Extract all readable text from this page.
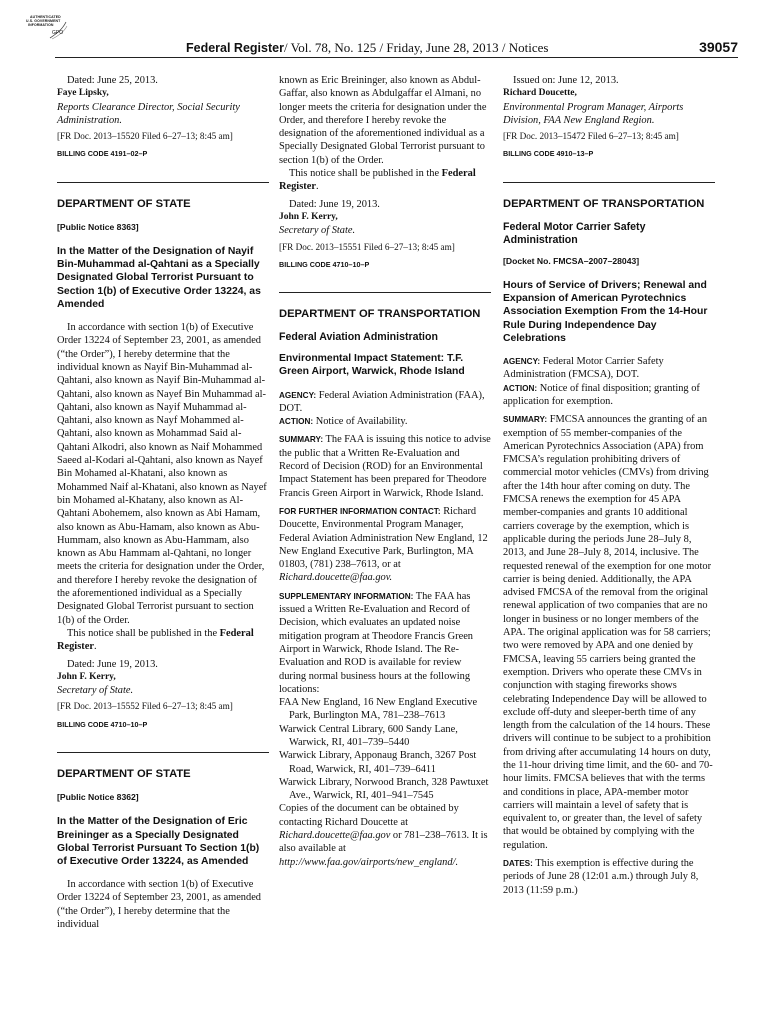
AUTHENTICATED
U.S. GOVERNMENT
INFORMATION
GPO
Federal Register/ Vol. 78, No. 125 / Friday, June 28, 2013 / Notices	39057
Dated: June 25, 2013.
Faye Lipsky,
Reports Clearance Director, Social Security Administration.
[FR Doc. 2013–15520 Filed 6–27–13; 8:45 am]
BILLING CODE 4191–02–P
DEPARTMENT OF STATE
[Public Notice 8363]
In the Matter of the Designation of Nayif Bin-Muhammad al-Qahtani as a Specially Designated Global Terrorist Pursuant to Section 1(b) of Executive Order 13224, as Amended

In accordance with section 1(b) of Executive Order 13224 of September 23, 2001, as amended (“the Order”), I hereby determine that the individual known as Nayif Bin-Muhammad al-Qahtani, also known as Nayif Bin-Muhammad al-Qahtani, also known as Nayef Bin Muhammad al-Qahtani, also known as Nayif Muhammad al-Qahtani, also known as Nayf Mohammed al-Qahtani, also known as Mohammad Said al-Qahtani Alkodri, also known as Naif Mohammed Saeed al-Kodari al-Qahtani, also known as Nayef Bin Mohamed al-Khatani, also known as Mohammed Naif al-Khatani, also known as Nayef bin Mohamed al-Khatany, also known as Al-Qahtani Abohemem, also known as Abi Hamam, also known as Abu-Hamam, also known as Abu-Hummam, also known as Abu-Hammam, also known as Abu Hammam al-Qahtani, no longer meets the criteria for designation under the Order, and therefore I hereby revoke the designation of the aforementioned individual as a Specially Designated Global Terrorist pursuant to section 1(b) of the Order.

This notice shall be published in the Federal Register.

Dated: June 19, 2013.
John F. Kerry,
Secretary of State.
[FR Doc. 2013–15552 Filed 6–27–13; 8:45 am]
BILLING CODE 4710–10–P
DEPARTMENT OF STATE
[Public Notice 8362]
In the Matter of the Designation of Eric Breininger as a Specially Designated Global Terrorist Pursuant To Section 1(b) of Executive Order 13224, as Amended

In accordance with section 1(b) of Executive Order 13224 of September 23, 2001, as amended (“the Order”), I hereby determine that the individual

known as Eric Breininger, also known as Abdul-Gaffar, also known as Abdulgaffar el Almani, no longer meets the criteria for designation under the Order, and therefore I hereby revoke the designation of the aforementioned individual as a Specially Designated Global Terrorist pursuant to section 1(b) of the Order.

This notice shall be published in the Federal Register.

Dated: June 19, 2013.
John F. Kerry,
Secretary of State.
[FR Doc. 2013–15551 Filed 6–27–13; 8:45 am]
BILLING CODE 4710–10–P
DEPARTMENT OF TRANSPORTATION
Federal Aviation Administration
Environmental Impact Statement: T.F. Green Airport, Warwick, Rhode Island

AGENCY: Federal Aviation Administration (FAA), DOT.
ACTION: Notice of Availability.

SUMMARY: The FAA is issuing this notice to advise the public that a Written Re-Evaluation and Record of Decision (ROD) for an Environmental Impact Statement has been prepared for Theodore Francis Green Airport in Warwick, Rhode Island.

FOR FURTHER INFORMATION CONTACT: Richard Doucette, Environmental Program Manager, Federal Aviation Administration New England, 12 New England Executive Park, Burlington, MA 01803, (781) 238–7613, or at Richard.doucette@faa.gov.

SUPPLEMENTARY INFORMATION: The FAA has issued a Written Re-Evaluation and Record of Decision, which evaluates an updated noise mitigation program at Theodore Francis Green Airport in Warwick, Rhode Island. The Re-Evaluation and ROD is available for review during normal business hours at the following locations:

FAA New England, 16 New England Executive Park, Burlington MA, 781–238–7613

Warwick Central Library, 600 Sandy Lane, Warwick, RI, 401–739–5440

Warwick Library, Apponaug Branch, 3267 Post Road, Warwick, RI, 401–739–6411

Warwick Library, Norwood Branch, 328 Pawtuxet Ave., Warwick, RI, 401–941–7545

Copies of the document can be obtained by contacting Richard Doucette at Richard.doucette@faa.gov or 781–238–7613. It is also available at http://www.faa.gov/airports/new_england/.

Issued on: June 12, 2013.
Richard Doucette,
Environmental Program Manager, Airports Division, FAA New England Region.
[FR Doc. 2013–15472 Filed 6–27–13; 8:45 am]
BILLING CODE 4910–13–P
DEPARTMENT OF TRANSPORTATION
Federal Motor Carrier Safety Administration
[Docket No. FMCSA–2007–28043]
Hours of Service of Drivers; Renewal and Expansion of American Pyrotechnics Association Exemption From the 14-Hour Rule During Independence Day Celebrations

AGENCY: Federal Motor Carrier Safety Administration (FMCSA), DOT.
ACTION: Notice of final disposition; granting of application for exemption.

SUMMARY: FMCSA announces the granting of an exemption of 55 member-companies of the American Pyrotechnics Association (APA) from FMCSA’s regulation prohibiting drivers of commercial motor vehicles (CMVs) from driving after the 14th hour after coming on duty. The FMCSA renews the exemption for 45 APA member-companies and grants 10 additional carriers coverage by the exemption, which is applicable during the periods June 28–July 8, 2013, and June 28–July 8, 2014, inclusive. The requested renewal of the exemption for one motor carrier is being denied. Additionally, the APA advised FMCSA of the removal from the original renewal application of two companies that are no longer in business or no longer members of the APA. The original application was for 58 carriers; two were removed by APA and one denied by FMCSA, leaving 55 carriers being granted the exemption. Drivers who operate these CMVs in conjunction with staging fireworks shows celebrating Independence Day will be allowed to exclude off-duty and sleeper-berth time of any length from the calculation of the 14 hours. These drivers will continue to be subject to a prohibition from driving after accumulating 14 hours on duty, the 11-hour driving time limit, and the 60- and 70-hour limits. FMCSA believes that with the terms and conditions in place, APA-member motor carriers will maintain a level of safety that is equivalent to, or greater than, the level of safety that would be obtained by complying with the regulation.

DATES: This exemption is effective during the periods of June 28 (12:01 a.m.) through July 8, 2013 (11:59 p.m.)
